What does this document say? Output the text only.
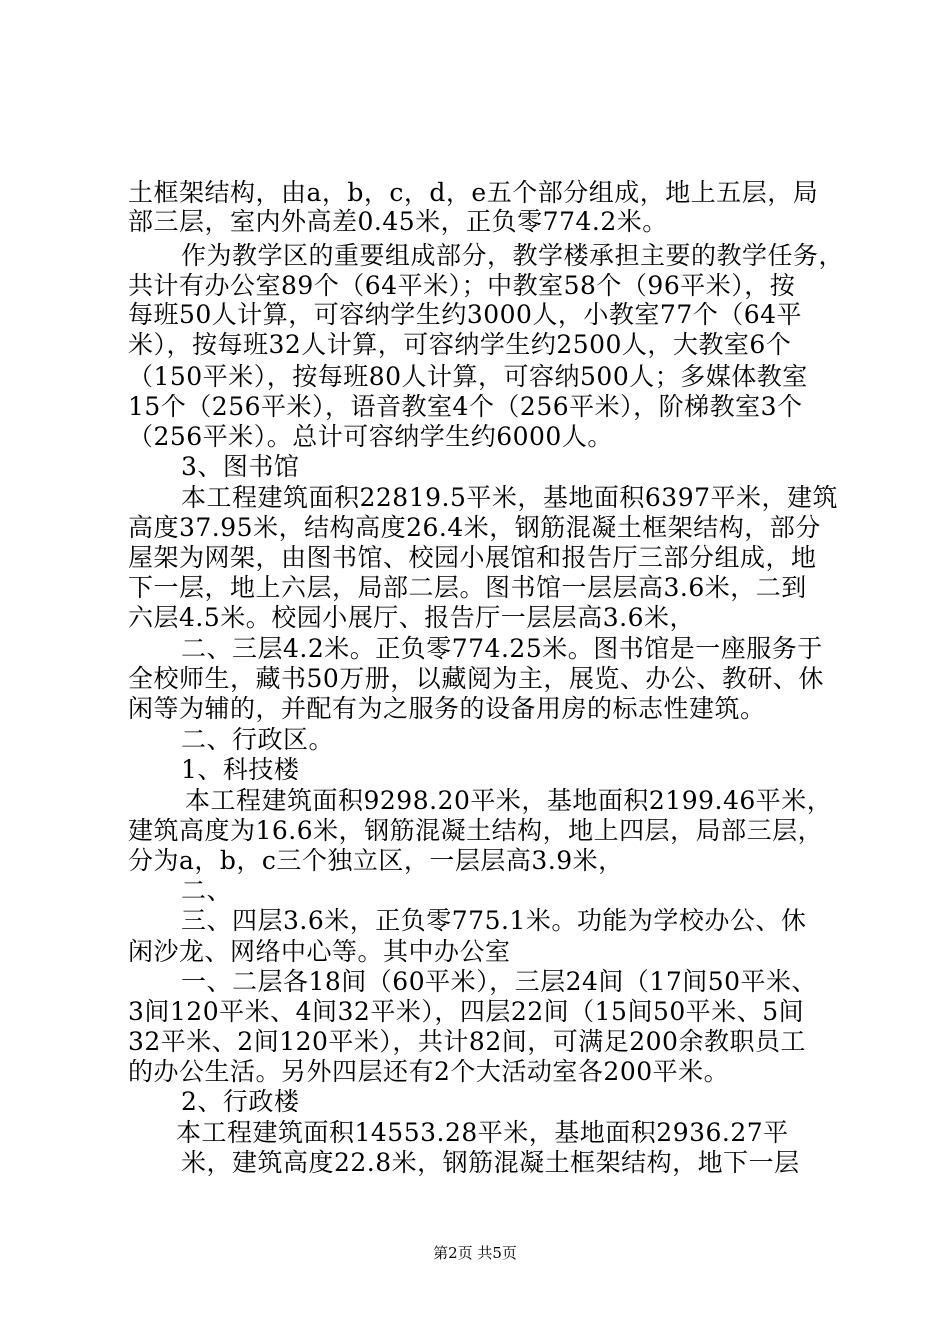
土框架结构，由a，b，c，d，e五个部分组成，地上五层，局
部三层，室内外高差0.45米，正负零774.2米。
作为教学区的重要组成部分，教学楼承担主要的教学任务，
共计有办公室89个（64平米）；中教室58个（96平米），按
每班50人计算，可容纳学生约3000人，小教室77个（64平
米），按每班32人计算，可容纳学生约2500人，大教室6个
（150平米），按每班80人计算，可容纳500人；多媒体教室
15个（256平米），语音教室4个（256平米），阶梯教室3个
（256平米）。总计可容纳学生约6000人。
3、图书馆
本工程建筑面积22819.5平米，基地面积6397平米，建筑
高度37.95米，结构高度26.4米，钢筋混凝土框架结构，部分
屋架为网架，由图书馆、校园小展馆和报告厅三部分组成，地
下一层，地上六层，局部二层。图书馆一层层高3.6米，二到
六层4.5米。校园小展厅、报告厅一层层高3.6米，
二、三层4.2米。正负零774.25米。图书馆是一座服务于
全校师生，藏书50万册，以藏阅为主，展览、办公、教研、休
闲等为辅的，并配有为之服务的设备用房的标志性建筑。
二、行政区。
1、科技楼
本工程建筑面积9298.20平米，基地面积2199.46平米，
建筑高度为16.6米，钢筋混凝土结构，地上四层，局部三层，
分为a，b，c三个独立区，一层层高3.9米，
二、
三、四层3.6米，正负零775.1米。功能为学校办公、休
闲沙龙、网络中心等。其中办公室
一、二层各18间（60平米），三层24间（17间50平米、
3间120平米、4间32平米），四层22间（15间50平米、5间
32平米、2间120平米），共计82间，可满足200余教职员工
的办公生活。另外四层还有2个大活动室各200平米。
2、行政楼
本工程建筑面积14553.28平米，基地面积2936.27平
米，建筑高度22.8米，钢筋混凝土框架结构，地下一层
第2页 共5页
